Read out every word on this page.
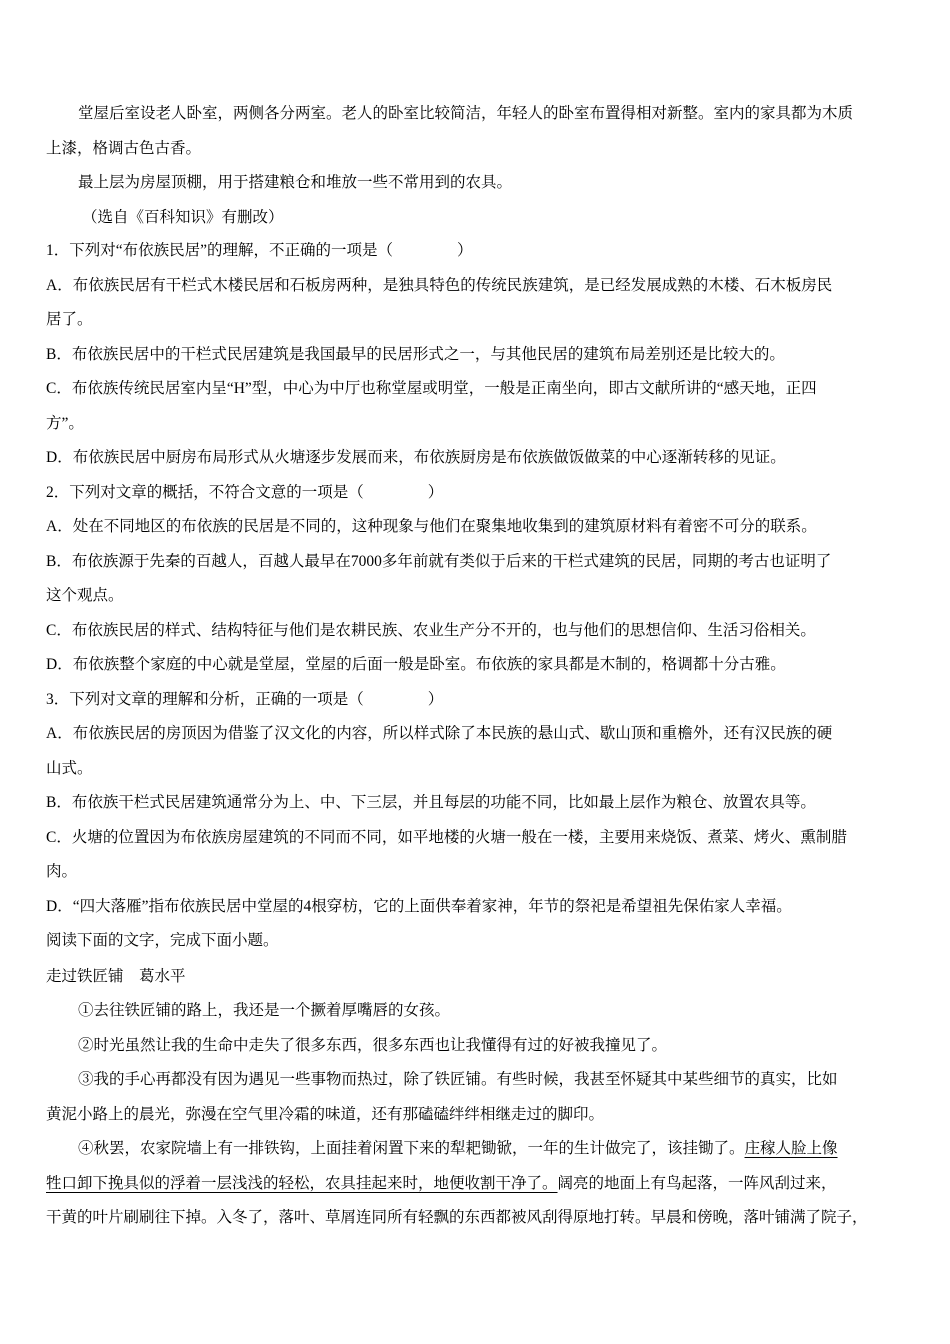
堂屋后室设老人卧室，两侧各分两室。老人的卧室比较简洁，年轻人的卧室布置得相对新整。室内的家具都为木质
上漆，格调古色古香。
最上层为房屋顶棚，用于搭建粮仓和堆放一些不常用到的农具。
（选自《百科知识》有删改）
1．下列对“布依族民居”的理解，不正确的一项是（	）
A．布依族民居有干栏式木楼民居和石板房两种，是独具特色的传统民族建筑，是已经发展成熟的木楼、石木板房民
居了。
B．布依族民居中的干栏式民居建筑是我国最早的民居形式之一，与其他民居的建筑布局差别还是比较大的。
C．布依族传统民居室内呈“H”型，中心为中厅也称堂屋或明堂，一般是正南坐向，即古文献所讲的“感天地，正四
方”。
D．布依族民居中厨房布局形式从火塘逐步发展而来，布依族厨房是布依族做饭做菜的中心逐渐转移的见证。
2．下列对文章的概括，不符合文意的一项是（	）
A．处在不同地区的布依族的民居是不同的，这种现象与他们在聚集地收集到的建筑原材料有着密不可分的联系。
B．布依族源于先秦的百越人，百越人最早在7000多年前就有类似于后来的干栏式建筑的民居，同期的考古也证明了
这个观点。
C．布依族民居的样式、结构特征与他们是农耕民族、农业生产分不开的，也与他们的思想信仰、生活习俗相关。
D．布依族整个家庭的中心就是堂屋，堂屋的后面一般是卧室。布依族的家具都是木制的，格调都十分古雅。
3．下列对文章的理解和分析，正确的一项是（	）
A．布依族民居的房顶因为借鉴了汉文化的内容，所以样式除了本民族的悬山式、歇山顶和重檐外，还有汉民族的硬
山式。
B．布依族干栏式民居建筑通常分为上、中、下三层，并且每层的功能不同，比如最上层作为粮仓、放置农具等。
C．火塘的位置因为布依族房屋建筑的不同而不同，如平地楼的火塘一般在一楼，主要用来烧饭、煮菜、烤火、熏制腊
肉。
D．“四大落雁”指布依族民居中堂屋的4根穿枋，它的上面供奉着家神，年节的祭祀是希望祖先保佑家人幸福。
阅读下面的文字，完成下面小题。
走过铁匠铺　葛水平
①去往铁匠铺的路上，我还是一个撅着厚嘴唇的女孩。
②时光虽然让我的生命中走失了很多东西，很多东西也让我懂得有过的好被我撞见了。
③我的手心再都没有因为遇见一些事物而热过，除了铁匠铺。有些时候，我甚至怀疑其中某些细节的真实，比如
黄泥小路上的晨光，弥漫在空气里冷霜的味道，还有那磕磕绊绊相继走过的脚印。
④秋罢，农家院墙上有一排铁钩，上面挂着闲置下来的犁耙锄锨，一年的生计做完了，该挂锄了。庄稼人脸上像
牲口卸下挽具似的浮着一层浅浅的轻松，农具挂起来时，地便收割干净了。阔亮的地面上有鸟起落，一阵风刮过来，
干黄的叶片刷刷往下掉。入冬了，落叶、草屑连同所有轻飘的东西都被风刮得原地打转。早晨和傍晚，落叶铺满了院子，
